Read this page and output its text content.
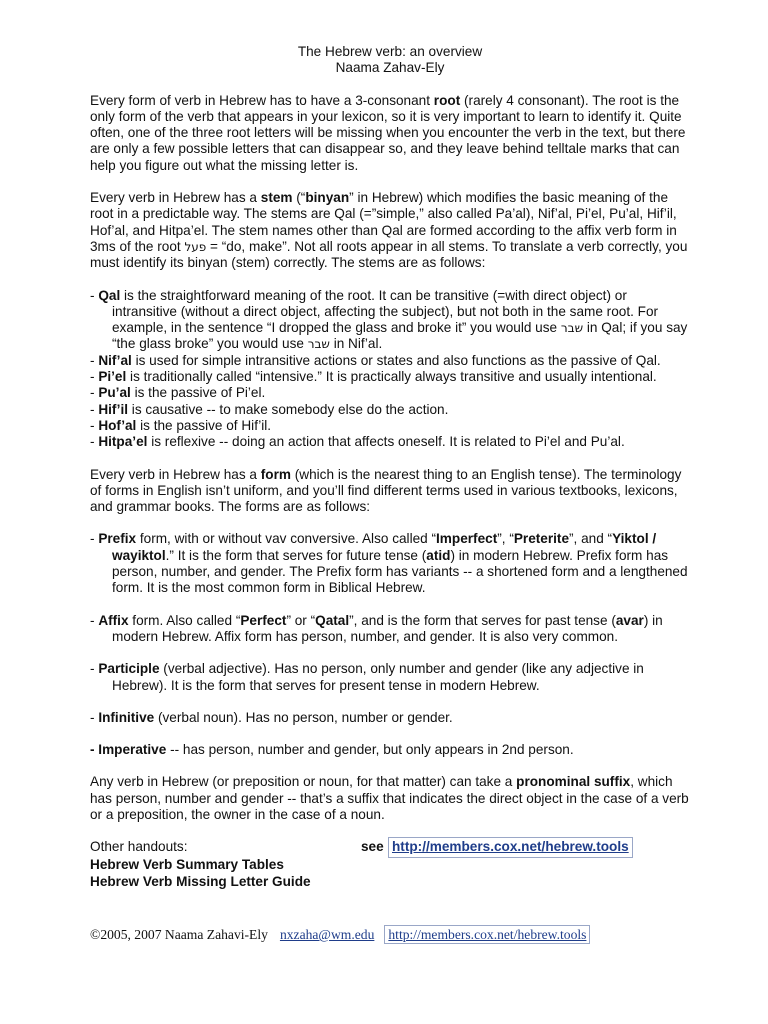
The Hebrew verb: an overview

Naama Zahav-Ely

Every form of verb in Hebrew has to have a 3-consonant root (rarely 4 consonant). The root is the only form of the verb that appears in your lexicon, so it is very important to learn to identify it. Quite often, one of the three root letters will be missing when you encounter the verb in the text, but there are only a few possible letters that can disappear so, and they leave behind telltale marks that can help you figure out what the missing letter is.

Every verb in Hebrew has a stem (“binyan” in Hebrew) which modifies the basic meaning of the root in a predictable way. The stems are Qal (=”simple,” also called Pa’al), Nif’al, Pi’el, Pu’al, Hif’il, Hof’al, and Hitpa’el. The stem names other than Qal are formed according to the affix verb form in 3ms of the root פעל = “do, make”. Not all roots appear in all stems. To translate a verb correctly, you must identify its binyan (stem) correctly. The stems are as follows:

- Qal is the straightforward meaning of the root. It can be transitive (=with direct object) or intransitive (without a direct object, affecting the subject), but not both in the same root. For example, in the sentence “I dropped the glass and broke it” you would use שבר in Qal; if you say “the glass broke” you would use שבר in Nif’al.

- Nif’al is used for simple intransitive actions or states and also functions as the passive of Qal.

- Pi’el is traditionally called “intensive.” It is practically always transitive and usually intentional.

- Pu’al is the passive of Pi’el.

- Hif’il is causative -- to make somebody else do the action.

- Hof’al is the passive of Hif’il.

- Hitpa’el is reflexive -- doing an action that affects oneself. It is related to Pi’el and Pu’al.

Every verb in Hebrew has a form (which is the nearest thing to an English tense). The terminology of forms in English isn’t uniform, and you’ll find different terms used in various textbooks, lexicons, and grammar books. The forms are as follows:

- Prefix form, with or without vav conversive. Also called “Imperfect”, “Preterite”, and “Yiktol / wayiktol.” It is the form that serves for future tense (atid) in modern Hebrew. Prefix form has person, number, and gender. The Prefix form has variants -- a shortened form and a lengthened form. It is the most common form in Biblical Hebrew.

- Affix form. Also called “Perfect” or “Qatal”, and is the form that serves for past tense (avar) in modern Hebrew. Affix form has person, number, and gender. It is also very common.

- Participle (verbal adjective). Has no person, only number and gender (like any adjective in Hebrew). It is the form that serves for present tense in modern Hebrew.

- Infinitive (verbal noun). Has no person, number or gender.

- Imperative -- has person, number and gender, but only appears in 2nd person.

Any verb in Hebrew (or preposition or noun, for that matter) can take a pronominal suffix, which has person, number and gender -- that’s a suffix that indicates the direct object in the case of a verb or a preposition, the owner in the case of a noun.

Other handouts:	see http://members.cox.net/hebrew.tools

Hebrew Verb Summary Tables

Hebrew Verb Missing Letter Guide

©2005, 2007 Naama Zahavi-Ely nxzaha@wm.edu http://members.cox.net/hebrew.tools
